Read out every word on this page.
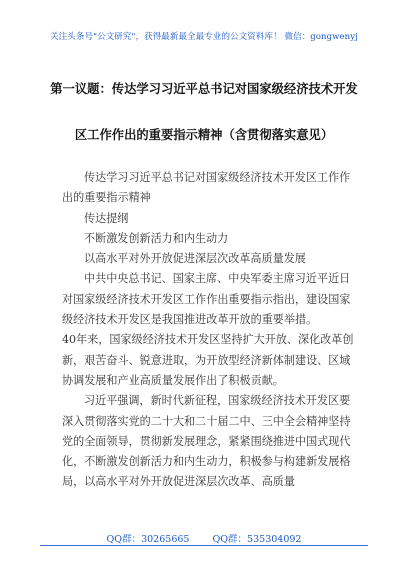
关注头条号"公文研究"，获得最新最全最专业的公文资料库！ 微信：gongwenyj
第一议题：传达学习习近平总书记对国家级经济技术开发
区工作作出的重要指示精神（含贯彻落实意见）

传达学习习近平总书记对国家级经济技术开发区工作作出的重要指示精神

传达提纲

不断激发创新活力和内生动力

以高水平对外开放促进深层次改革高质量发展

中共中央总书记、国家主席、中央军委主席习近平近日对国家级经济技术开发区工作作出重要指示指出，建设国家级经济技术开发区是我国推进改革开放的重要举措。

40年来，国家级经济技术开发区坚持扩大开放、深化改革创新，艰苦奋斗、锐意进取，为开放型经济新体制建设、区域协调发展和产业高质量发展作出了积极贡献。

习近平强调，新时代新征程，国家级经济技术开发区要深入贯彻落实党的二十大和二十届二中、三中全会精神坚持党的全面领导，贯彻新发展理念，紧紧围绕推进中国式现代化，不断激发创新活力和内生动力，积极参与构建新发展格局，以高水平对外开放促进深层次改革、高质量

QQ群：30265665 QQ群：535304092
